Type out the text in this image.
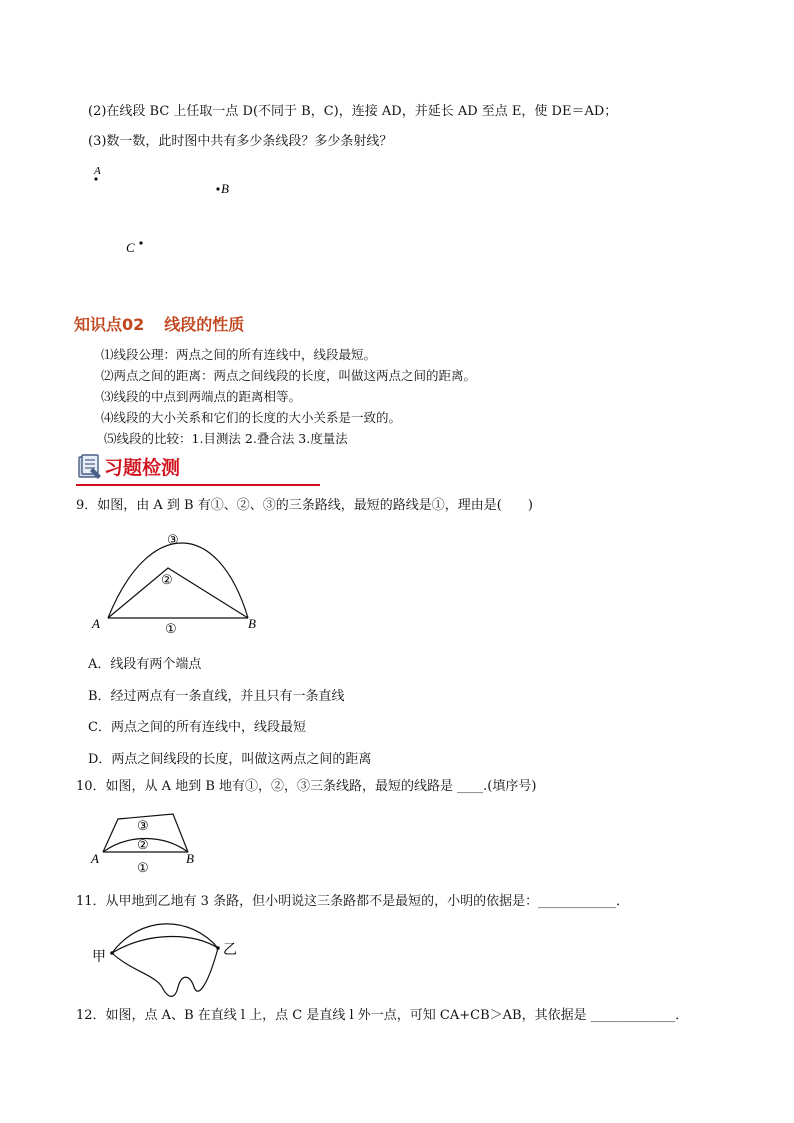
(2)在线段 BC 上任取一点 D(不同于 B，C)，连接 AD，并延长 AD 至点 E，使 DE＝AD；
(3)数一数，此时图中共有多少条线段？多少条射线？
A
B
C
知识点02 线段的性质
⑴线段公理：两点之间的所有连线中，线段最短。
⑵两点之间的距离：两点之间线段的长度，叫做这两点之间的距离。
⑶线段的中点到两端点的距离相等。
⑷线段的大小关系和它们的长度的大小关系是一致的。
⑸线段的比较：1.目测法 2.叠合法 3.度量法
习题检测
9．如图，由 A 到 B 有①、②、③的三条路线，最短的路线是①，理由是(　　)
A	B
①
②
③
A．线段有两个端点
B．经过两点有一条直线，并且只有一条直线
C．两点之间的所有连线中，线段最短
D．两点之间线段的长度，叫做这两点之间的距离
10．如图，从 A 地到 B 地有①，②，③三条线路，最短的线路是 ____.(填序号)
A	B
①
②
③
11．从甲地到乙地有 3 条路，但小明说这三条路都不是最短的，小明的依据是：____________．
甲	乙
12．如图，点 A、B 在直线 l 上，点 C 是直线 l 外一点，可知 CA+CB＞AB，其依据是 _____________．
